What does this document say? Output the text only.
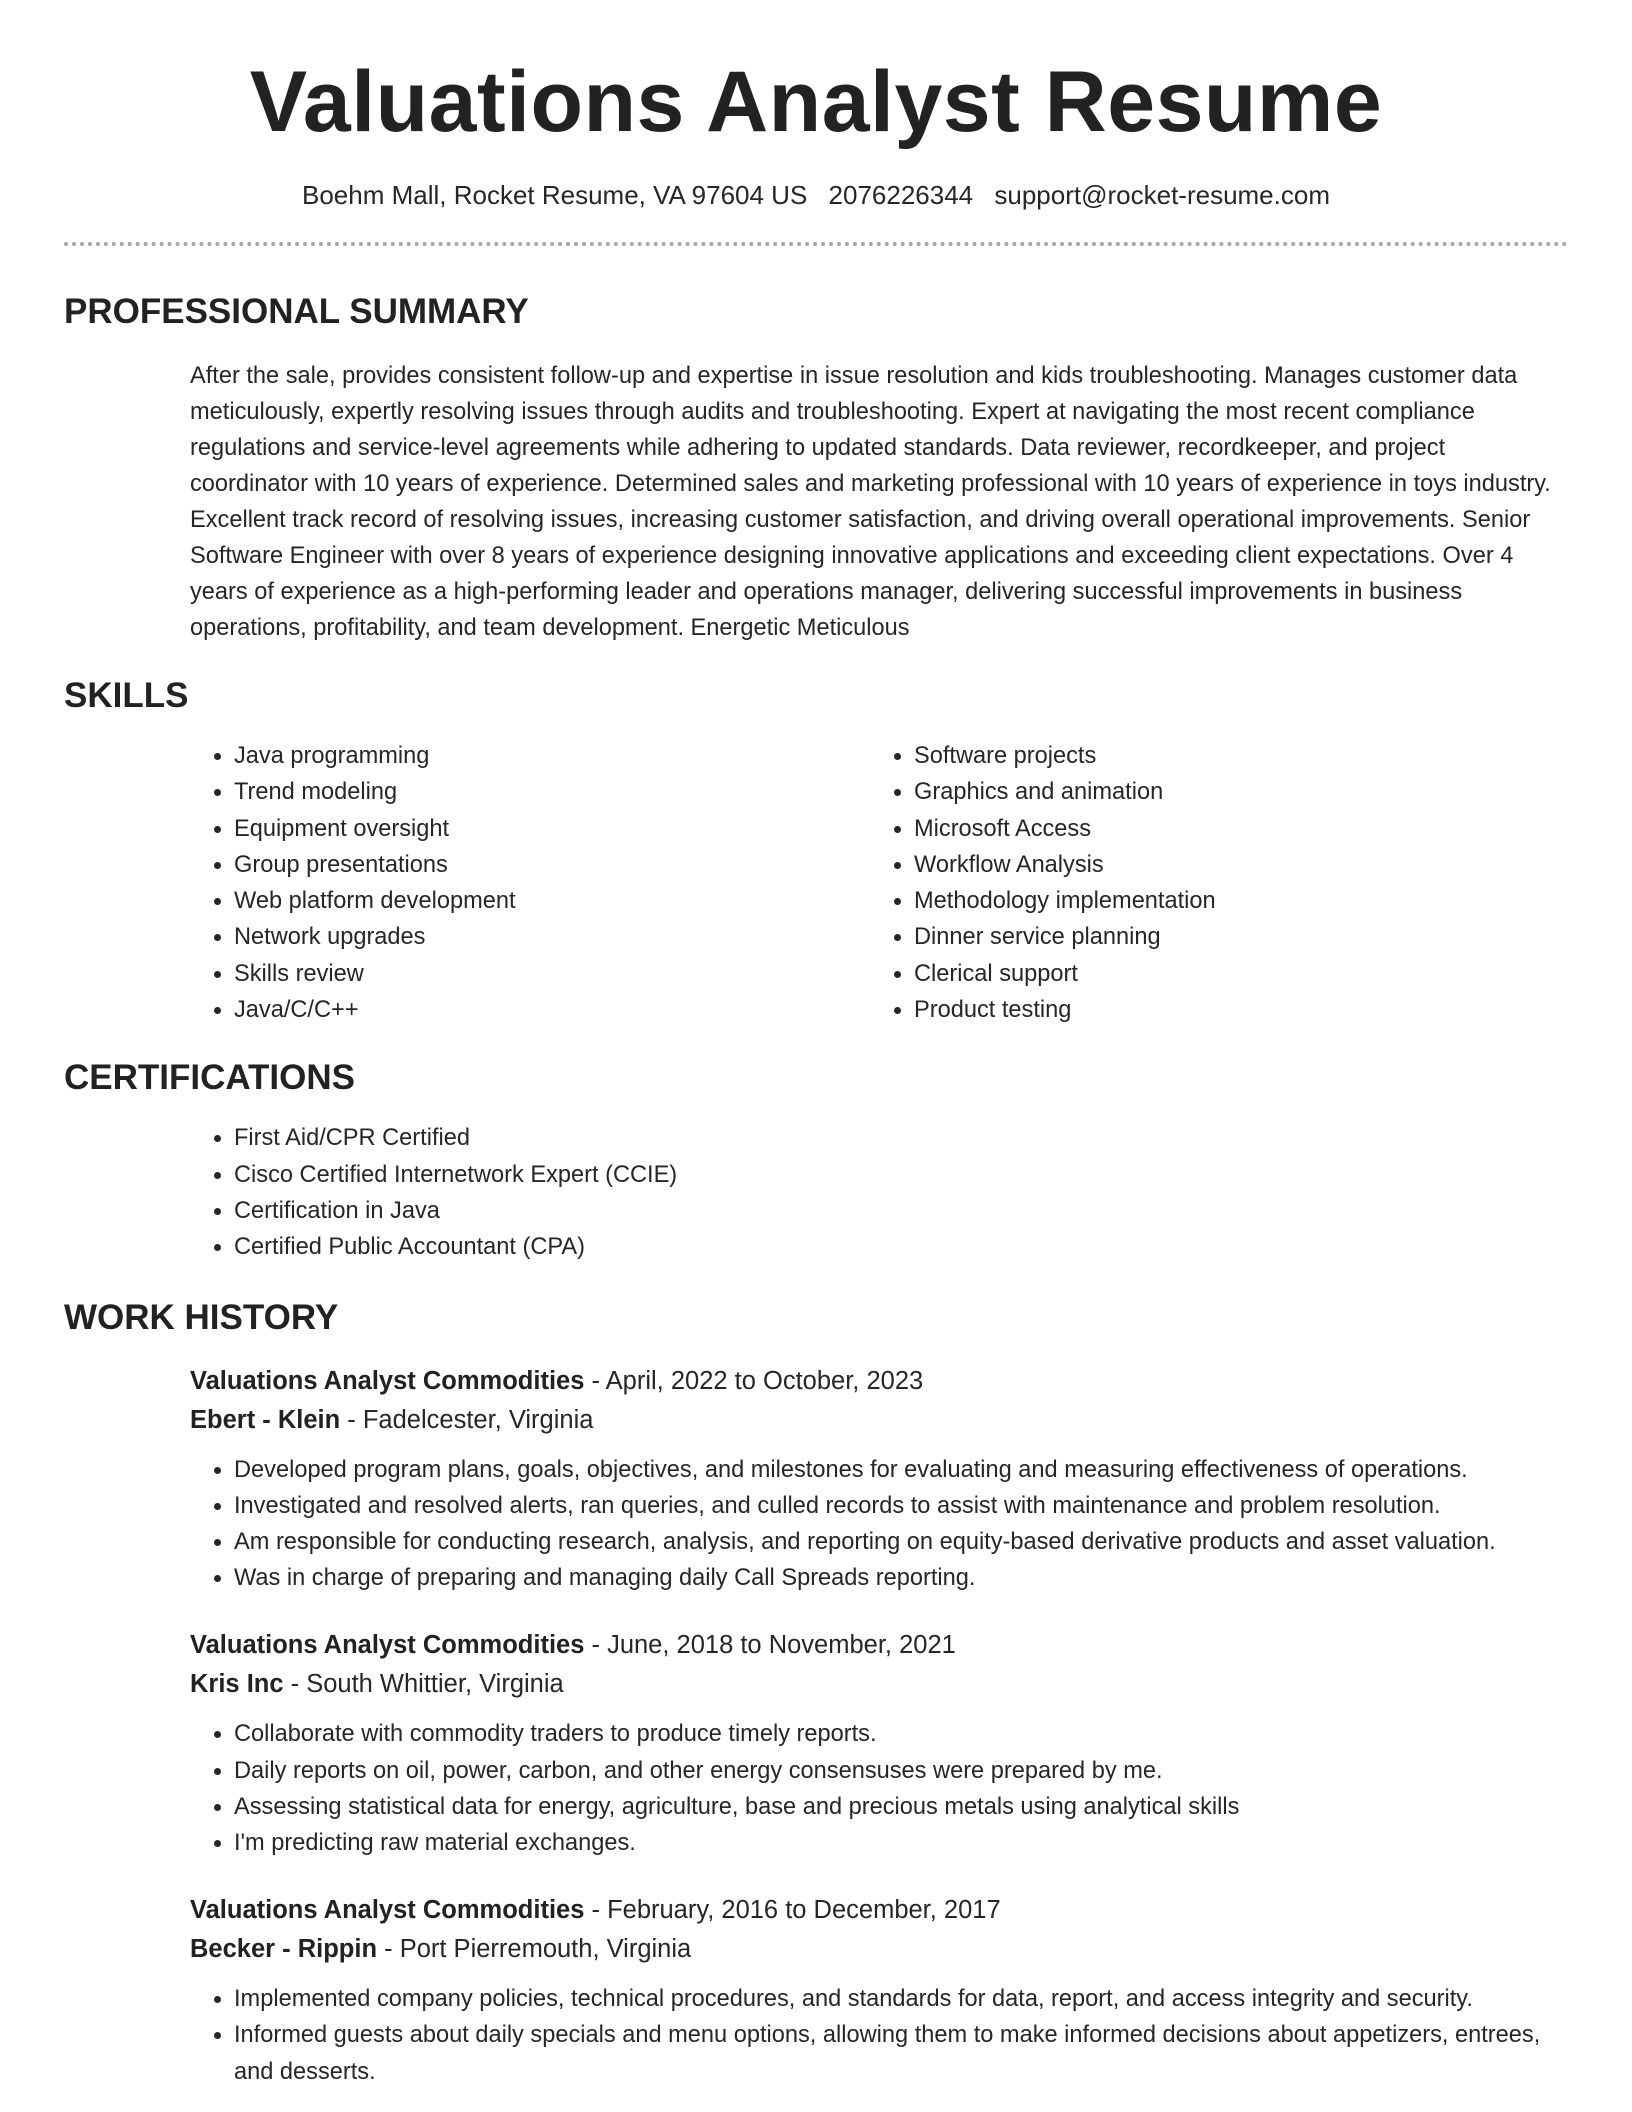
Valuations Analyst Resume
Boehm Mall, Rocket Resume, VA 97604 US 2076226344 support@rocket-resume.com
PROFESSIONAL SUMMARY

After the sale, provides consistent follow-up and expertise in issue resolution and kids troubleshooting. Manages customer data meticulously, expertly resolving issues through audits and troubleshooting. Expert at navigating the most recent compliance regulations and service-level agreements while adhering to updated standards. Data reviewer, recordkeeper, and project coordinator with 10 years of experience. Determined sales and marketing professional with 10 years of experience in toys industry. Excellent track record of resolving issues, increasing customer satisfaction, and driving overall operational improvements. Senior Software Engineer with over 8 years of experience designing innovative applications and exceeding client expectations. Over 4 years of experience as a high-performing leader and operations manager, delivering successful improvements in business operations, profitability, and team development. Energetic Meticulous

SKILLS
• Java programming
• Trend modeling
• Equipment oversight
• Group presentations
• Web platform development
• Network upgrades
• Skills review
• Java/C/C++
• Software projects
• Graphics and animation
• Microsoft Access
• Workflow Analysis
• Methodology implementation
• Dinner service planning
• Clerical support
• Product testing
CERTIFICATIONS
• First Aid/CPR Certified
• Cisco Certified Internetwork Expert (CCIE)
• Certification in Java
• Certified Public Accountant (CPA)
WORK HISTORY
Valuations Analyst Commodities - April, 2022 to October, 2023
Ebert - Klein - Fadelcester, Virginia
• Developed program plans, goals, objectives, and milestones for evaluating and measuring effectiveness of operations.
• Investigated and resolved alerts, ran queries, and culled records to assist with maintenance and problem resolution.
• Am responsible for conducting research, analysis, and reporting on equity-based derivative products and asset valuation.
• Was in charge of preparing and managing daily Call Spreads reporting.
Valuations Analyst Commodities - June, 2018 to November, 2021
Kris Inc - South Whittier, Virginia
• Collaborate with commodity traders to produce timely reports.
• Daily reports on oil, power, carbon, and other energy consensuses were prepared by me.
• Assessing statistical data for energy, agriculture, base and precious metals using analytical skills
• I'm predicting raw material exchanges.
Valuations Analyst Commodities - February, 2016 to December, 2017
Becker - Rippin - Port Pierremouth, Virginia
• Implemented company policies, technical procedures, and standards for data, report, and access integrity and security.
• Informed guests about daily specials and menu options, allowing them to make informed decisions about appetizers, entrees, and desserts.
